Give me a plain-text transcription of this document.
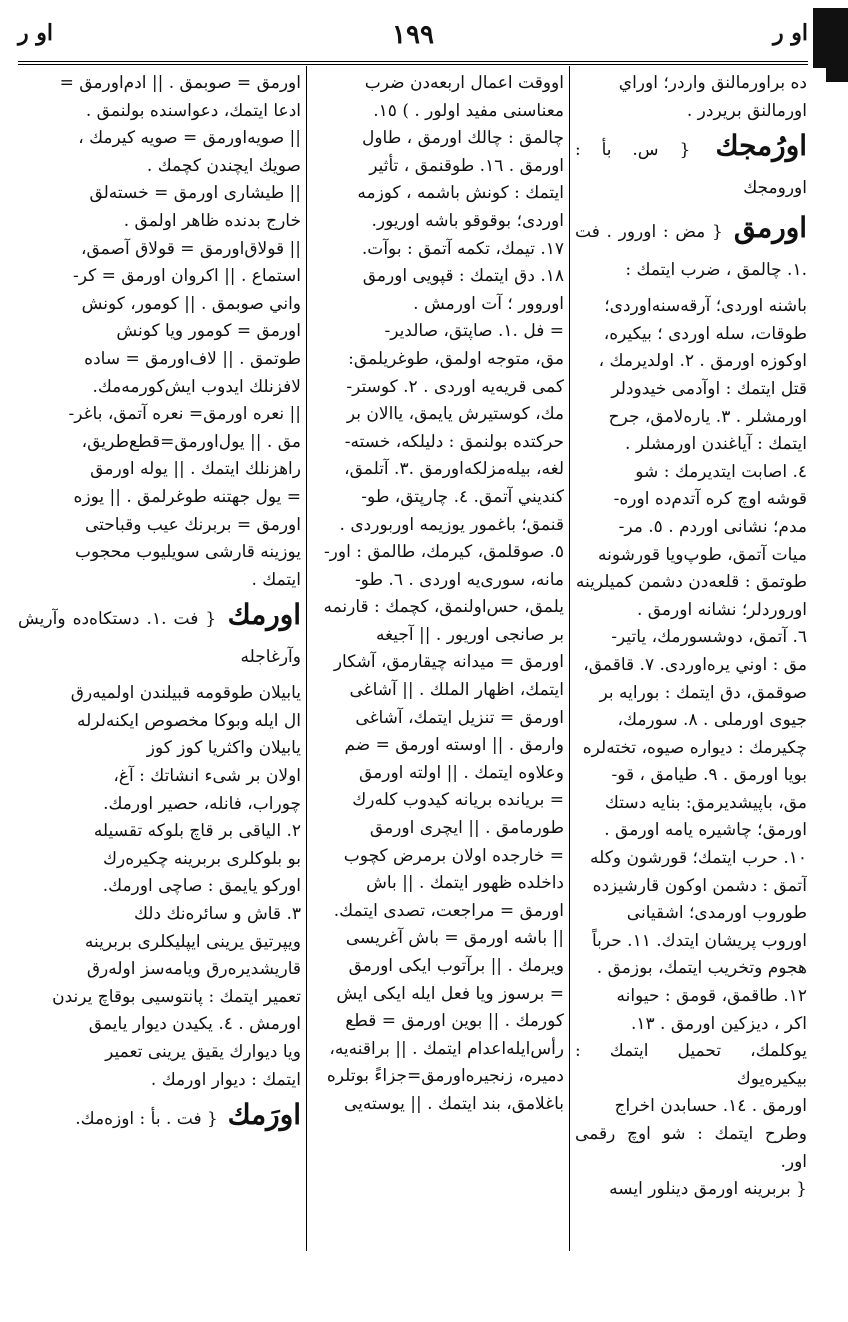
او ر
١٩٩
او ر

ده براورمالنق واردر؛ اوراي

اورمالنق بريردر .

اورُمجك { س. بأ : اورومجك

اورمق { مض : اورور . فت .١. چالمق ، ضرب ايتمك :

باشنه اوردی؛ آرقه‌سنه‌اوردی؛

طوقات، سله اوردی ؛ بيكيره،

اوكوزه اورمق . ٢. اولديرمك ،

قتل ايتمك : اوآدمى خيدودلر

اورمشلر . ٣. يارەلامق، جرح

ايتمك : آياغندن اورمشلر .

٤. اصابت ايتديرمك : شو

قوشه اوچ كره آتدم‌ده اوره-

مدم؛ نشانى اوردم . ٥. مر-

ميات آتمق، طوپ‌ويا قورشونه

طوتمق : قلعەدن دشمن كميلرينه

اوروردلر؛ نشانه اورمق .

٦. آتمق، دوشسورمك، ياتير-

مق : اوني يره‌اوردی. ٧. قاقمق،

صوقمق، دق ايتمك : بورايه بر

جيوی اورملی . ٨. سورمك،

چكيرمك : ديواره صيوه، تخته‌لره

بويا اورمق . ٩. طيامق ، قو-

مق، باپيشديرمق: بنايه دستك

اورمق؛ چاشيره يامه اورمق .

١٠. حرب ايتمك؛ قورشون وكله

آتمق : دشمن اوكون قارشيزده

طوروب اورمدی؛ اشقيانى

اوروب پريشان ايتدك. ١١. حرباً

هجوم وتخريب ايتمك، بوزمق .

١٢. طاقمق، قومق : حيوانه

اكر ، ديزكين اورمق . ١٣.

يوكلمك، تحميل ايتمك : بيكيره‌يوك

اورمق . ١٤. حسابدن اخراج

وطرح ايتمك : شو اوچ رقمی اور.

{ بربرينه اورمق دينلور ايسه

اووقت اعمال اربعه‌دن ضرب

معناسنى مفيد اولور . ) ١٥.

چالمق : چالك اورمق ، طاول

اورمق . ١٦. طوقنمق ، تأثير

ايتمك : كونش باشمه ، كوزمه

اوردى؛ بوقوقو باشه اوريور.

١٧. تيمك، تكمه آتمق : بوآت.

١٨. دق ايتمك : قپويى اورمق

اوروور ؛ آت اورمش .

= فل .١. صاپتق، صالدير-

مق، متوجه اولمق، طوغريلمق:

كمى قريه‌يه اوردی . ٢. كوستر-

مك، كوستيرش يايمق، ياالان بر

حركتده بولنمق : دليلكه، خسته-

لغه، بيله‌مزلكه‌اورمق .٣. آتلمق،

كنديني آتمق. ٤. چارپتق، طو-

قنمق؛ باغمور يوزيمه اوربوردی .

٥. صوقلمق، كيرمك، طالمق : اور-

مانه، سوری‌يه اوردی . ٦. طو-

يلمق، حس‌اولنمق، كچمك : قارنمه

بر صانجى اوريور . || آجيغه

اورمق = ميدانه چيقارمق، آشكار

ايتمك، اظهار الملك . || آشاغى

اورمق = تنزيل ايتمك، آشاغى

وارمق . || اوسته اورمق = ضم

وعلاوه ايتمك . || اولته اورمق

= بريانده بريانه كيدوب كله‌رك

طورمامق . || ايچرى اورمق

= خارجده اولان برمرض كچوب

داخلده ظهور ايتمك . || باش

اورمق = مراجعت، تصدى ايتمك.

|| باشه اورمق = باش آغريسى

ويرمك . || برآتوب ايكى اورمق

= برسوز ويا فعل ايله ايكى ايش

كورمك . || بوين اورمق = قطع

رأس‌ايله‌اعدام ايتمك . || براقنه‌يه،

دميره، زنجيره‌اورمق=جزاءً بوتلره

باغلامق، بند ايتمك . || يوسته‌يى

اورمق = صوبمق . || ادم‌اورمق =

ادعا ايتمك، دعواسنده بولنمق .

|| صويه‌اورمق = صويه كيرمك ،

صويك ايچندن كچمك .

|| طيشارى اورمق = خسته‌لق

خارج بدنده ظاهر اولمق .

|| قولاق‌اورمق = قولاق آصمق،

استماع . || اكروان اورمق = كر-

واني صوبمق . || كومور، كونش

اورمق = كومور ويا كونش

طوتمق . || لاف‌اورمق = ساده

لافزنلك ايدوب ايش‌كورمه‌مك.

|| نعره اورمق= نعره آتمق، باغر-

مق . || يول‌اورمق=قطع‌طريق،

راهزنلك ايتمك . || يوله اورمق

= يول جهتنه طوغرلمق . || يوزه

اورمق = بربرنك عيب وقباحتى

يوزينه قارشى سويليوب محجوب

ايتمك .

اورمك { فت .١. دستكاه‌ده وآريش وآرغاجله

يابيلان طوقومه قبيلندن اولميه‌رق

ال ايله وبوكا مخصوص ايكنه‌لرله

يابيلان واكثريا كوز كوز

اولان بر شیء انشاتك : آغ،

چوراب، فانله، حصير اورمك.

٢. الياقى بر قاچ بلوكه تقسيله

بو بلوكلرى بربرينه چكيره‌رك

اوركو يايمق : صاچى اورمك.

٣. قاش و سائره‌نك دلك

ويپرتيق يرينى ايپليكلرى بربرينه

قاريشديره‌رق ويامه‌سز اوله‌رق

تعمير ايتمك : پانتوسيى بوقاچ يرندن

اورمش . ٤. يكيدن ديوار يايمق

ويا ديوارك يقيق يرينى تعمير

ايتمك : ديوار اورمك .

اورَمك { فت . بأ : اوزه‌مك.
